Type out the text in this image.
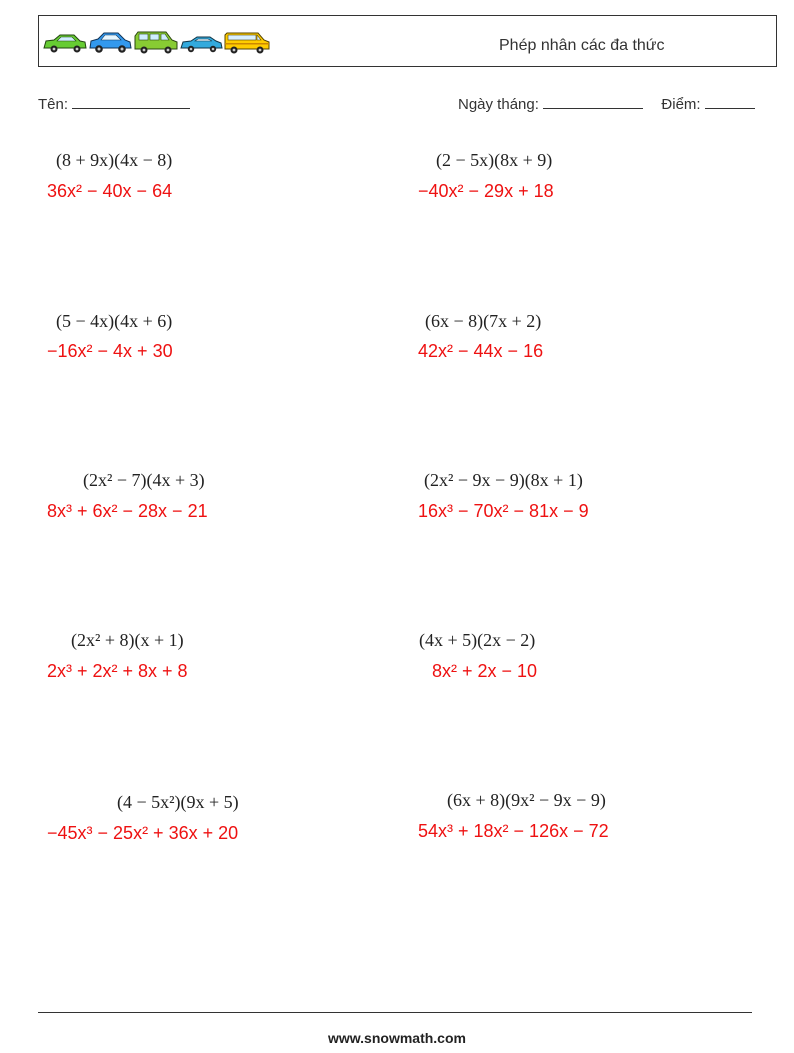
Phép nhân các đa thức
Tên:	Ngày tháng:	Điểm:
(8 + 9x)(4x − 8)
36x² − 40x − 64
(2 − 5x)(8x + 9)
−40x² − 29x + 18
(5 − 4x)(4x + 6)
−16x² − 4x + 30
(6x − 8)(7x + 2)
42x² − 44x − 16
(2x² − 7)(4x + 3)
8x³ + 6x² − 28x − 21
(2x² − 9x − 9)(8x + 1)
16x³ − 70x² − 81x − 9
(2x² + 8)(x + 1)
2x³ + 2x² + 8x + 8
(4x + 5)(2x − 2)
8x² + 2x − 10
(4 − 5x²)(9x + 5)
−45x³ − 25x² + 36x + 20
(6x + 8)(9x² − 9x − 9)
54x³ + 18x² − 126x − 72
www.snowmath.com
